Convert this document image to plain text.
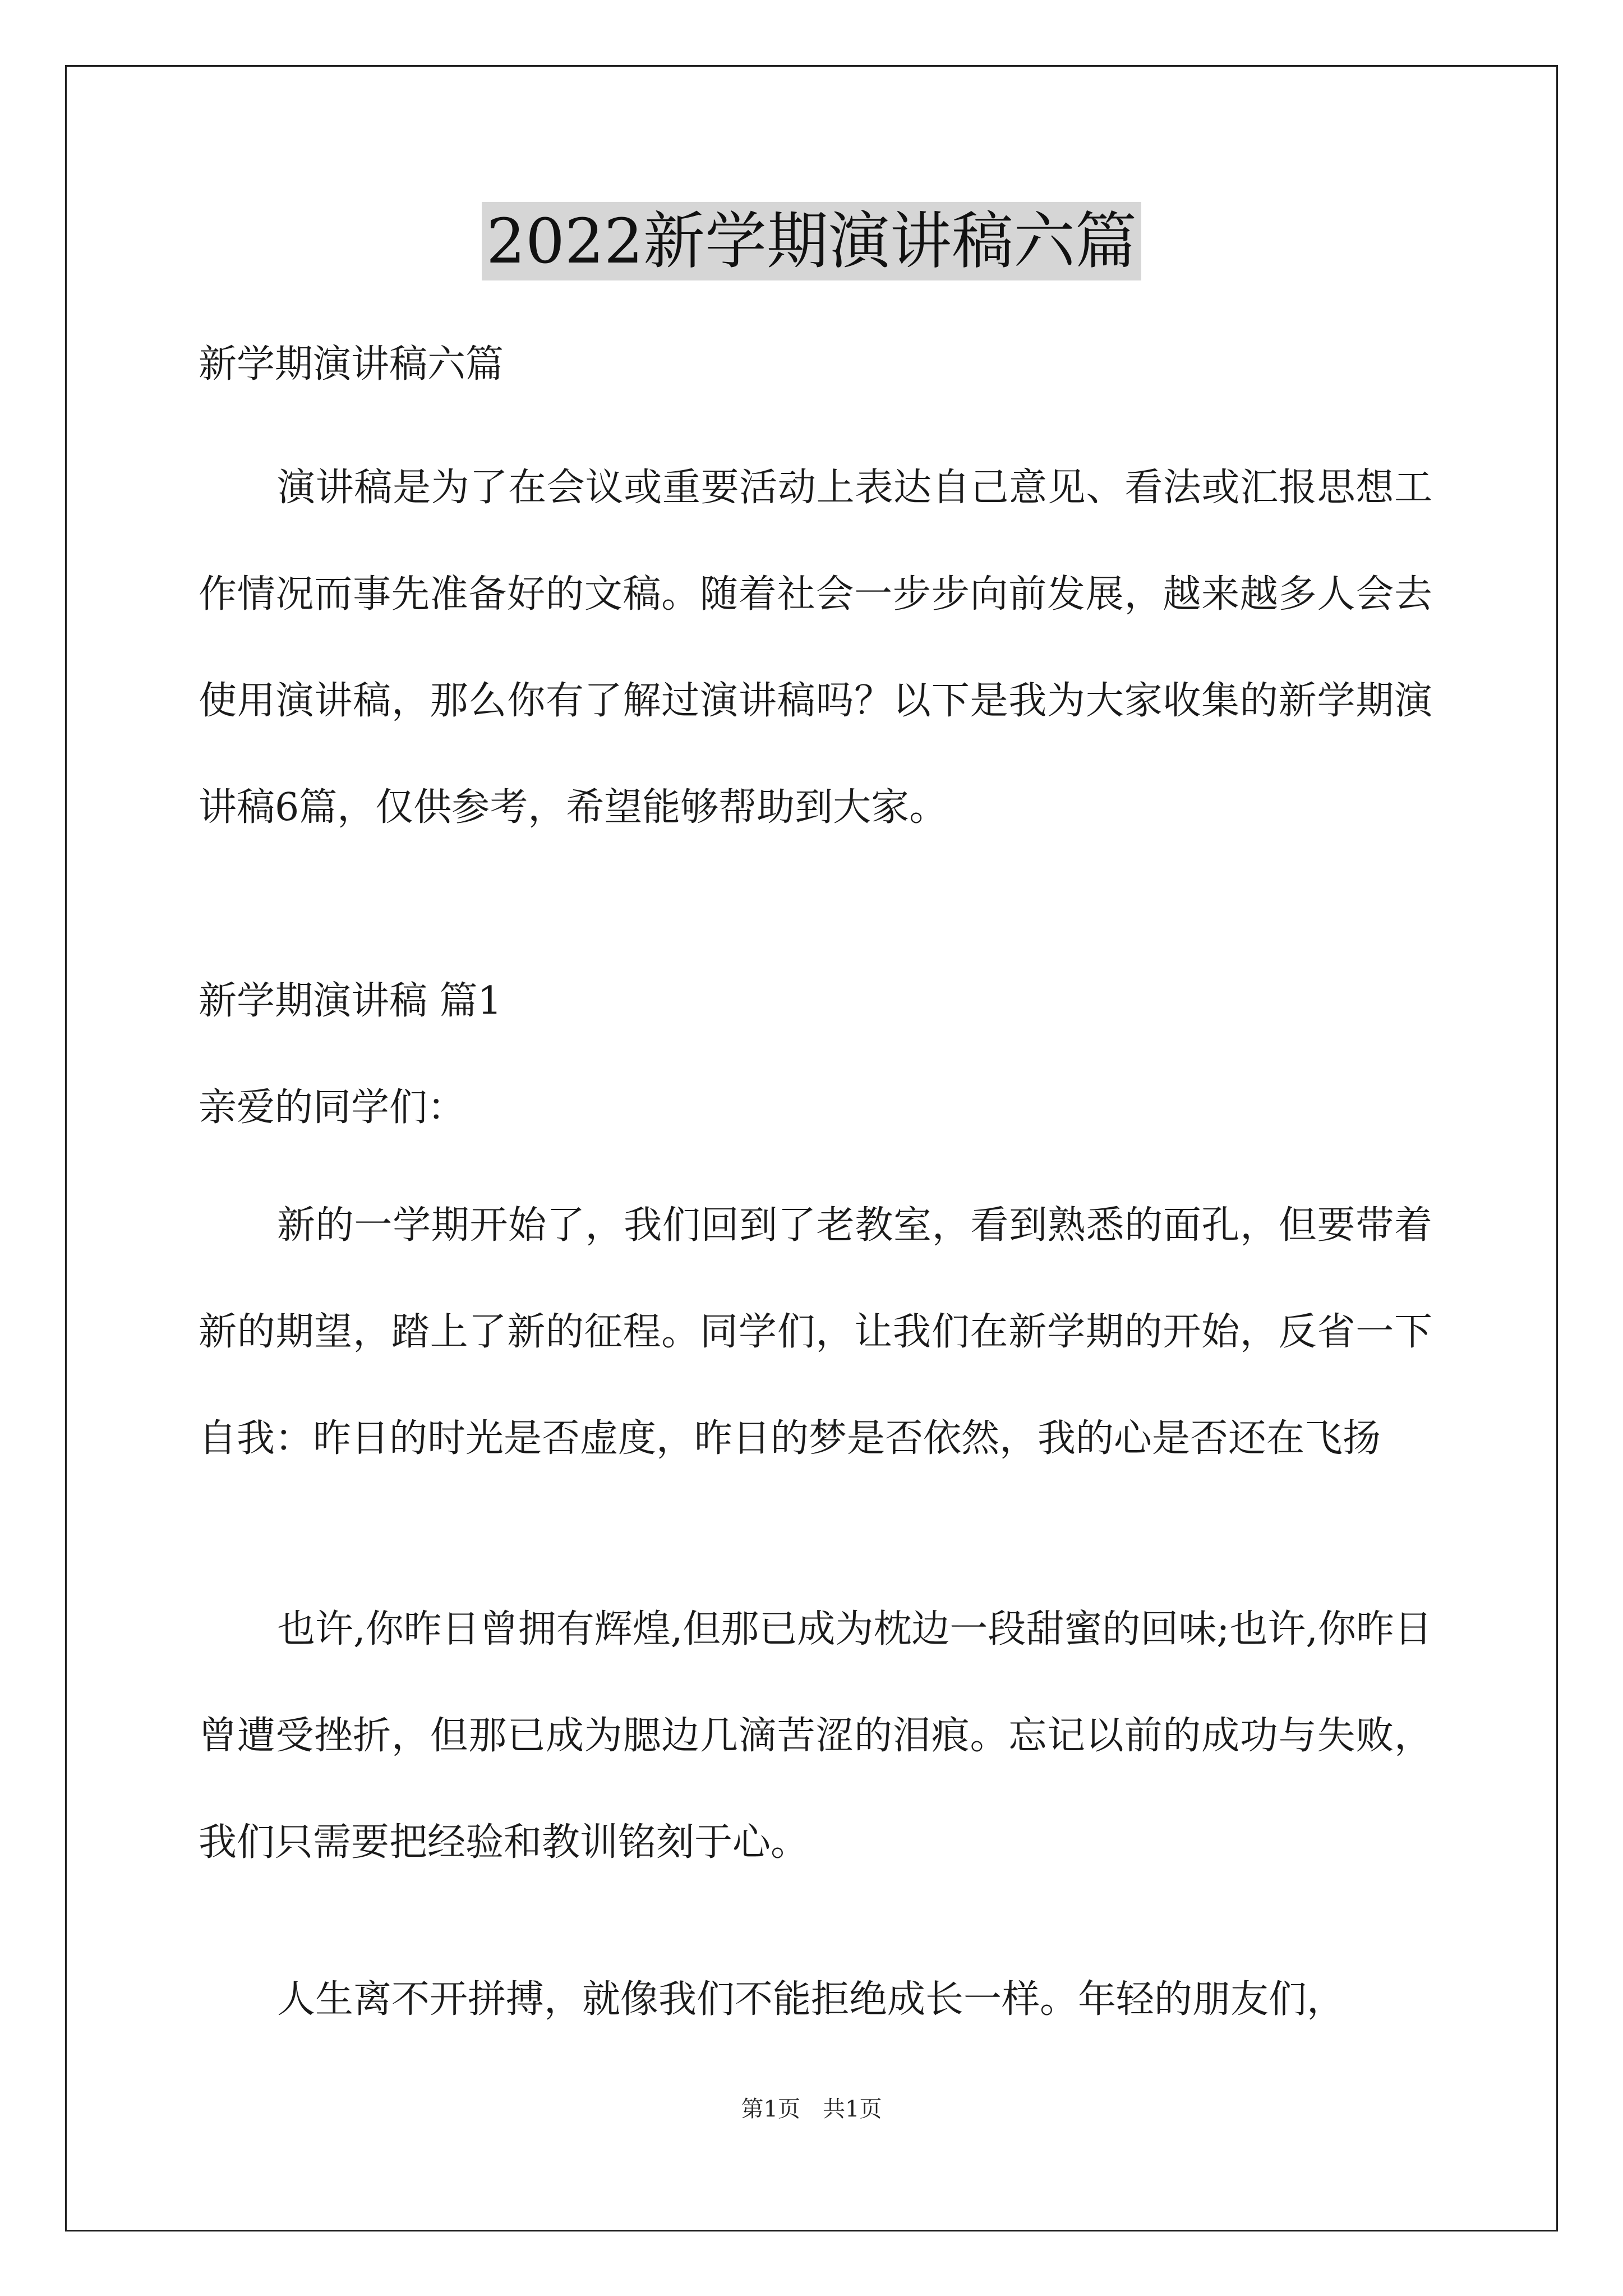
2022新学期演讲稿六篇

新学期演讲稿六篇

演讲稿是为了在会议或重要活动上表达自己意见、看法或汇报思想工作情况而事先准备好的文稿。随着社会一步步向前发展，越来越多人会去使用演讲稿，那么你有了解过演讲稿吗？以下是我为大家收集的新学期演讲稿6篇，仅供参考，希望能够帮助到大家。

新学期演讲稿 篇1

亲爱的同学们：

新的一学期开始了，我们回到了老教室，看到熟悉的面孔，但要带着新的期望，踏上了新的征程。同学们，让我们在新学期的开始，反省一下自我：昨日的时光是否虚度，昨日的梦是否依然，我的心是否还在飞扬

也许,你昨日曾拥有辉煌,但那已成为枕边一段甜蜜的回味;也许,你昨日曾遭受挫折，但那已成为腮边几滴苦涩的泪痕。忘记以前的成功与失败，我们只需要把经验和教训铭刻于心。

人生离不开拼搏，就像我们不能拒绝成长一样。年轻的朋友们，

第1页　共1页
